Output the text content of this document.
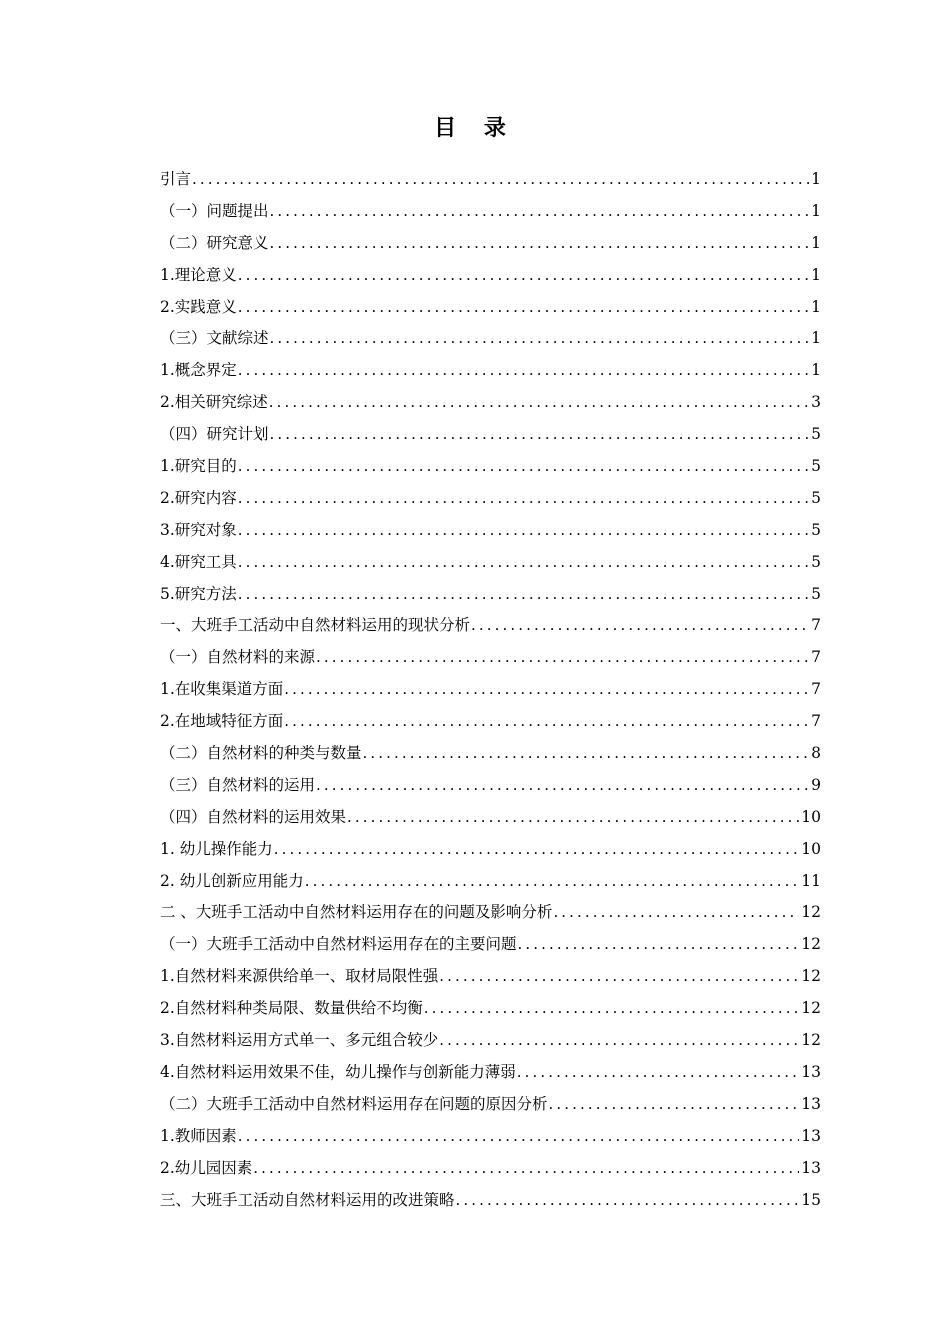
目 录
引言 .....	1
（一）问题提出 .....	1
（二）研究意义 .....	1
1.理论意义 .....	1
2.实践意义 .....	1
（三）文献综述 .....	1
1.概念界定 .....	1
2.相关研究综述 .....	3
（四）研究计划 .....	5
1.研究目的 .....	5
2.研究内容 .....	5
3.研究对象 .....	5
4.研究工具 .....	5
5.研究方法 .....	5
一、大班手工活动中自然材料运用的现状分析 .....	7
（一）自然材料的来源 .....	7
1.在收集渠道方面 .....	7
2.在地域特征方面 .....	7
（二）自然材料的种类与数量 .....	8
（三）自然材料的运用 .....	9
（四）自然材料的运用效果 .....	10
1. 幼儿操作能力 .....	10
2. 幼儿创新应用能力 .....	11
二 、大班手工活动中自然材料运用存在的问题及影响分析 .....	12
（一）大班手工活动中自然材料运用存在的主要问题 .....	12
1.自然材料来源供给单一、取材局限性强 .....	12
2.自然材料种类局限、数量供给不均衡 .....	12
3.自然材料运用方式单一、多元组合较少 .....	12
4.自然材料运用效果不佳，幼儿操作与创新能力薄弱 .....	13
（二）大班手工活动中自然材料运用存在问题的原因分析 .....	13
1.教师因素 .....	13
2.幼儿园因素 .....	13
三、大班手工活动自然材料运用的改进策略 .....	15
